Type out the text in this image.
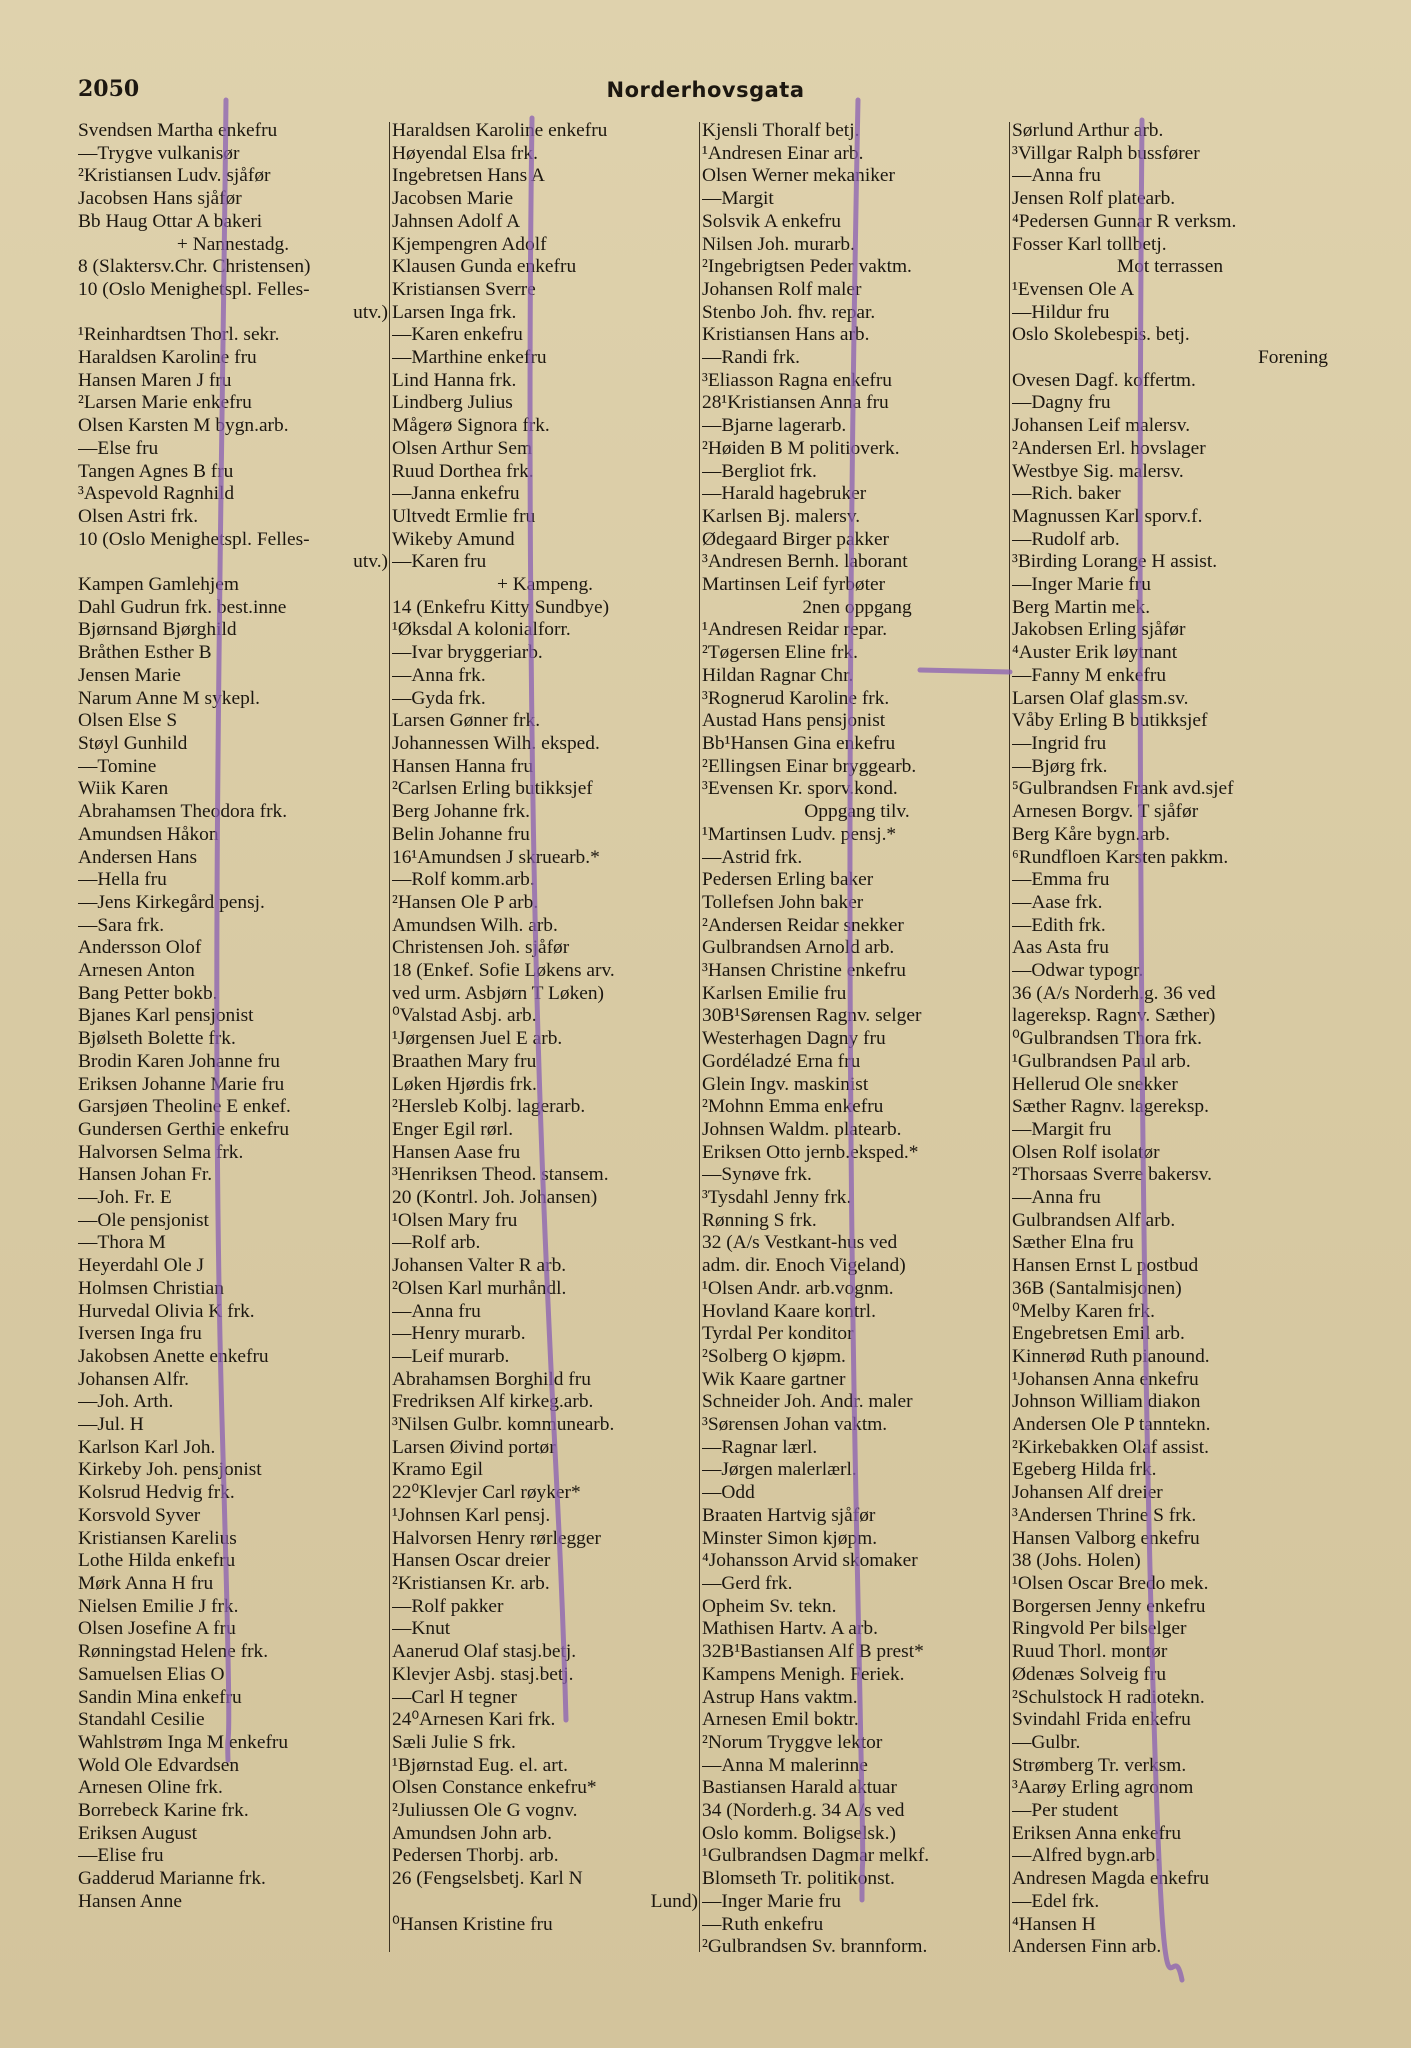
2050	Norderhovsgata
Svendsen Martha enkefru
—Trygve vulkanisør
²Kristiansen Ludv. sjåfør
Jacobsen Hans sjåfør
Bb Haug Ottar A bakeri
+ Nannestadg.
8 (Slaktersv.Chr. Christensen)
10 (Oslo Menighetspl. Felles-
utv.)
¹Reinhardtsen Thorl. sekr.
Haraldsen Karoline fru
Hansen Maren J fru
²Larsen Marie enkefru
Olsen Karsten M bygn.arb.
—Else fru
Tangen Agnes B fru
³Aspevold Ragnhild
Olsen Astri frk.
10 (Oslo Menighetspl. Felles-
utv.)
Kampen Gamlehjem
Dahl Gudrun frk. best.inne
Bjørnsand Bjørghild
Bråthen Esther B
Jensen Marie
Narum Anne M sykepl.
Olsen Else S
Støyl Gunhild
—Tomine
Wiik Karen
Abrahamsen Theodora frk.
Amundsen Håkon
Andersen Hans
—Hella fru
—Jens Kirkegård pensj.
—Sara frk.
Andersson Olof
Arnesen Anton
Bang Petter bokb.
Bjanes Karl pensjonist
Bjølseth Bolette frk.
Brodin Karen Johanne fru
Eriksen Johanne Marie fru
Garsjøen Theoline E enkef.
Gundersen Gerthie enkefru
Halvorsen Selma frk.
Hansen Johan Fr.
—Joh. Fr. E
—Ole pensjonist
—Thora M
Heyerdahl Ole J
Holmsen Christian
Hurvedal Olivia K frk.
Iversen Inga fru
Jakobsen Anette enkefru
Johansen Alfr.
—Joh. Arth.
—Jul. H
Karlson Karl Joh.
Kirkeby Joh. pensjonist
Kolsrud Hedvig frk.
Korsvold Syver
Kristiansen Karelius
Lothe Hilda enkefru
Mørk Anna H fru
Nielsen Emilie J frk.
Olsen Josefine A fru
Rønningstad Helene frk.
Samuelsen Elias O
Sandin Mina enkefru
Standahl Cesilie
Wahlstrøm Inga M enkefru
Wold Ole Edvardsen
Arnesen Oline frk.
Borrebeck Karine frk.
Eriksen August
—Elise fru
Gadderud Marianne frk.
Hansen Anne
Haraldsen Karoline enkefru
Høyendal Elsa frk.
Ingebretsen Hans A
Jacobsen Marie
Jahnsen Adolf A
Kjempengren Adolf
Klausen Gunda enkefru
Kristiansen Sverre
Larsen Inga frk.
—Karen enkefru
—Marthine enkefru
Lind Hanna frk.
Lindberg Julius
Mågerø Signora frk.
Olsen Arthur Sem
Ruud Dorthea frk.
—Janna enkefru
Ultvedt Ermlie fru
Wikeby Amund
—Karen fru
+ Kampeng.
14 (Enkefru Kitty Sundbye)
¹Øksdal A kolonialforr.
—Ivar bryggeriarb.
—Anna frk.
—Gyda frk.
Larsen Gønner frk.
Johannessen Wilh. eksped.
Hansen Hanna fru
²Carlsen Erling butikksjef
Berg Johanne frk.
Belin Johanne fru
16¹Amundsen J skruearb.*
—Rolf komm.arb.
²Hansen Ole P arb.
Amundsen Wilh. arb.
Christensen Joh. sjåfør
18 (Enkef. Sofie Løkens arv.
ved urm. Asbjørn T Løken)
⁰Valstad Asbj. arb.
¹Jørgensen Juel E arb.
Braathen Mary fru
Løken Hjørdis frk.
²Hersleb Kolbj. lagerarb.
Enger Egil rørl.
Hansen Aase fru
³Henriksen Theod. stansem.
20 (Kontrl. Joh. Johansen)
¹Olsen Mary fru
—Rolf arb.
Johansen Valter R arb.
²Olsen Karl murhåndl.
—Anna fru
—Henry murarb.
—Leif murarb.
Abrahamsen Borghild fru
Fredriksen Alf kirkeg.arb.
³Nilsen Gulbr. kommunearb.
Larsen Øivind portør
Kramo Egil
22⁰Klevjer Carl røyker*
¹Johnsen Karl pensj.
Halvorsen Henry rørlegger
Hansen Oscar dreier
²Kristiansen Kr. arb.
—Rolf pakker
—Knut
Aanerud Olaf stasj.betj.
Klevjer Asbj. stasj.betj.
—Carl H tegner
24⁰Arnesen Kari frk.
Sæli Julie S frk.
¹Bjørnstad Eug. el. art.
Olsen Constance enkefru*
²Juliussen Ole G vognv.
Amundsen John arb.
Pedersen Thorbj. arb.
26 (Fengselsbetj. Karl N
Lund)
⁰Hansen Kristine fru
Kjensli Thoralf betj.
¹Andresen Einar arb.
Olsen Werner mekaniker
—Margit
Solsvik A enkefru
Nilsen Joh. murarb.
²Ingebrigtsen Peder vaktm.
Johansen Rolf maler
Stenbo Joh. fhv. repar.
Kristiansen Hans arb.
—Randi frk.
³Eliasson Ragna enkefru
28¹Kristiansen Anna fru
—Bjarne lagerarb.
²Høiden B M politioverk.
—Bergliot frk.
—Harald hagebruker
Karlsen Bj. malersv.
Ødegaard Birger pakker
³Andresen Bernh. laborant
Martinsen Leif fyrbøter
2nen oppgang
¹Andresen Reidar repar.
²Tøgersen Eline frk.
Hildan Ragnar Chr.
³Rognerud Karoline frk.
Austad Hans pensjonist
Bb¹Hansen Gina enkefru
²Ellingsen Einar bryggearb.
³Evensen Kr. sporv.kond.
Oppgang tilv.
¹Martinsen Ludv. pensj.*
—Astrid frk.
Pedersen Erling baker
Tollefsen John baker
²Andersen Reidar snekker
Gulbrandsen Arnold arb.
³Hansen Christine enkefru
Karlsen Emilie fru
30B¹Sørensen Ragnv. selger
Westerhagen Dagny fru
Gordéladzé Erna fru
Glein Ingv. maskinist
²Mohnn Emma enkefru
Johnsen Waldm. platearb.
Eriksen Otto jernb.eksped.*
—Synøve frk.
³Tysdahl Jenny frk.
Rønning S frk.
32 (A/s Vestkant-hus ved
adm. dir. Enoch Vigeland)
¹Olsen Andr. arb.vognm.
Hovland Kaare kontrl.
Tyrdal Per konditor
²Solberg O kjøpm.
Wik Kaare gartner
Schneider Joh. Andr. maler
³Sørensen Johan vaktm.
—Ragnar lærl.
—Jørgen malerlærl.
—Odd
Braaten Hartvig sjåfør
Minster Simon kjøpm.
⁴Johansson Arvid skomaker
—Gerd frk.
Opheim Sv. tekn.
Mathisen Hartv. A arb.
32B¹Bastiansen Alf B prest*
Kampens Menigh. Feriek.
Astrup Hans vaktm.
Arnesen Emil boktr.
²Norum Tryggve lektor
—Anna M malerinne
Bastiansen Harald aktuar
34 (Norderh.g. 34 A/s ved
Oslo komm. Boligselsk.)
¹Gulbrandsen Dagmar melkf.
Blomseth Tr. politikonst.
—Inger Marie fru
—Ruth enkefru
²Gulbrandsen Sv. brannform.
Sørlund Arthur arb.
³Villgar Ralph bussfører
—Anna fru
Jensen Rolf platearb.
⁴Pedersen Gunnar R verksm.
Fosser Karl tollbetj.
Mot terrassen
¹Evensen Ole A
—Hildur fru
Oslo Skolebespis. betj.
Forening
Ovesen Dagf. koffertm.
—Dagny fru
Johansen Leif malersv.
²Andersen Erl. hovslager
Westbye Sig. malersv.
—Rich. baker
Magnussen Karl sporv.f.
—Rudolf arb.
³Birding Lorange H assist.
—Inger Marie fru
Berg Martin mek.
Jakobsen Erling sjåfør
⁴Auster Erik løytnant
—Fanny M enkefru
Larsen Olaf glassm.sv.
Våby Erling B butikksjef
—Ingrid fru
—Bjørg frk.
⁵Gulbrandsen Frank avd.sjef
Arnesen Borgv. T sjåfør
Berg Kåre bygn.arb.
⁶Rundfloen Karsten pakkm.
—Emma fru
—Aase frk.
—Edith frk.
Aas Asta fru
—Odwar typogr.
36 (A/s Norderh.g. 36 ved
lagereksp. Ragnv. Sæther)
⁰Gulbrandsen Thora frk.
¹Gulbrandsen Paul arb.
Hellerud Ole snekker
Sæther Ragnv. lagereksp.
—Margit fru
Olsen Rolf isolatør
²Thorsaas Sverre bakersv.
—Anna fru
Gulbrandsen Alf arb.
Sæther Elna fru
Hansen Ernst L postbud
36B (Santalmisjonen)
⁰Melby Karen frk.
Engebretsen Emil arb.
Kinnerød Ruth pianound.
¹Johansen Anna enkefru
Johnson William diakon
Andersen Ole P tanntekn.
²Kirkebakken Olaf assist.
Egeberg Hilda frk.
Johansen Alf dreier
³Andersen Thrine S frk.
Hansen Valborg enkefru
38 (Johs. Holen)
¹Olsen Oscar Bredo mek.
Borgersen Jenny enkefru
Ringvold Per bilselger
Ruud Thorl. montør
Ødenæs Solveig fru
²Schulstock H radiotekn.
Svindahl Frida enkefru
—Gulbr.
Strømberg Tr. verksm.
³Aarøy Erling agronom
—Per student
Eriksen Anna enkefru
—Alfred bygn.arb.
Andresen Magda enkefru
—Edel frk.
⁴Hansen H
Andersen Finn arb.
